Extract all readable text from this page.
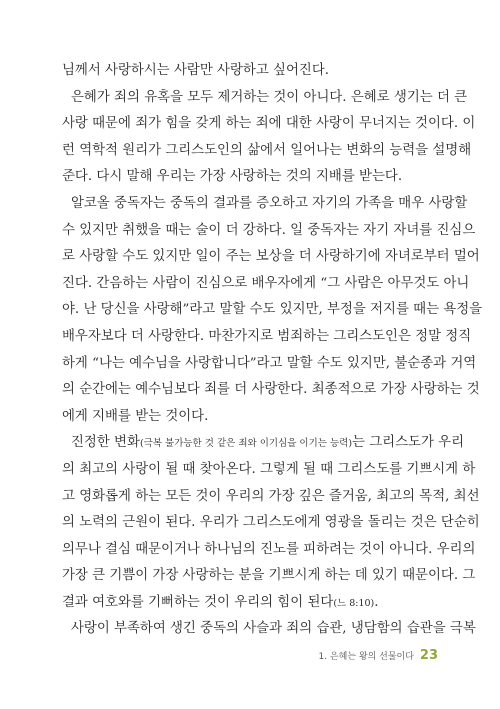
님께서 사랑하시는 사람만 사랑하고 싶어진다.
은혜가 죄의 유혹을 모두 제거하는 것이 아니다. 은혜로 생기는 더 큰
사랑 때문에 죄가 힘을 갖게 하는 죄에 대한 사랑이 무너지는 것이다. 이
런 역학적 원리가 그리스도인의 삶에서 일어나는 변화의 능력을 설명해
준다. 다시 말해 우리는 가장 사랑하는 것의 지배를 받는다.
알코올 중독자는 중독의 결과를 증오하고 자기의 가족을 매우 사랑할
수 있지만 취했을 때는 술이 더 강하다. 일 중독자는 자기 자녀를 진심으
로 사랑할 수도 있지만 일이 주는 보상을 더 사랑하기에 자녀로부터 멀어
진다. 간음하는 사람이 진심으로 배우자에게 “그 사람은 아무것도 아니
야. 난 당신을 사랑해”라고 말할 수도 있지만, 부정을 저지를 때는 욕정을
배우자보다 더 사랑한다. 마찬가지로 범죄하는 그리스도인은 정말 정직
하게 “나는 예수님을 사랑합니다”라고 말할 수도 있지만, 불순종과 거역
의 순간에는 예수님보다 죄를 더 사랑한다. 최종적으로 가장 사랑하는 것
에게 지배를 받는 것이다.
진정한 변화(극복 불가능한 것 같은 죄와 이기심을 이기는 능력)는 그리스도가 우리
의 최고의 사랑이 될 때 찾아온다. 그렇게 될 때 그리스도를 기쁘시게 하
고 영화롭게 하는 모든 것이 우리의 가장 깊은 즐거움, 최고의 목적, 최선
의 노력의 근원이 된다. 우리가 그리스도에게 영광을 돌리는 것은 단순히
의무나 결심 때문이거나 하나님의 진노를 피하려는 것이 아니다. 우리의
가장 큰 기쁨이 가장 사랑하는 분을 기쁘시게 하는 데 있기 때문이다. 그
결과 여호와를 기뻐하는 것이 우리의 힘이 된다(느 8:10).
사랑이 부족하여 생긴 중독의 사슬과 죄의 습관, 냉담함의 습관을 극복
1. 은혜는 왕의 선물이다 23
